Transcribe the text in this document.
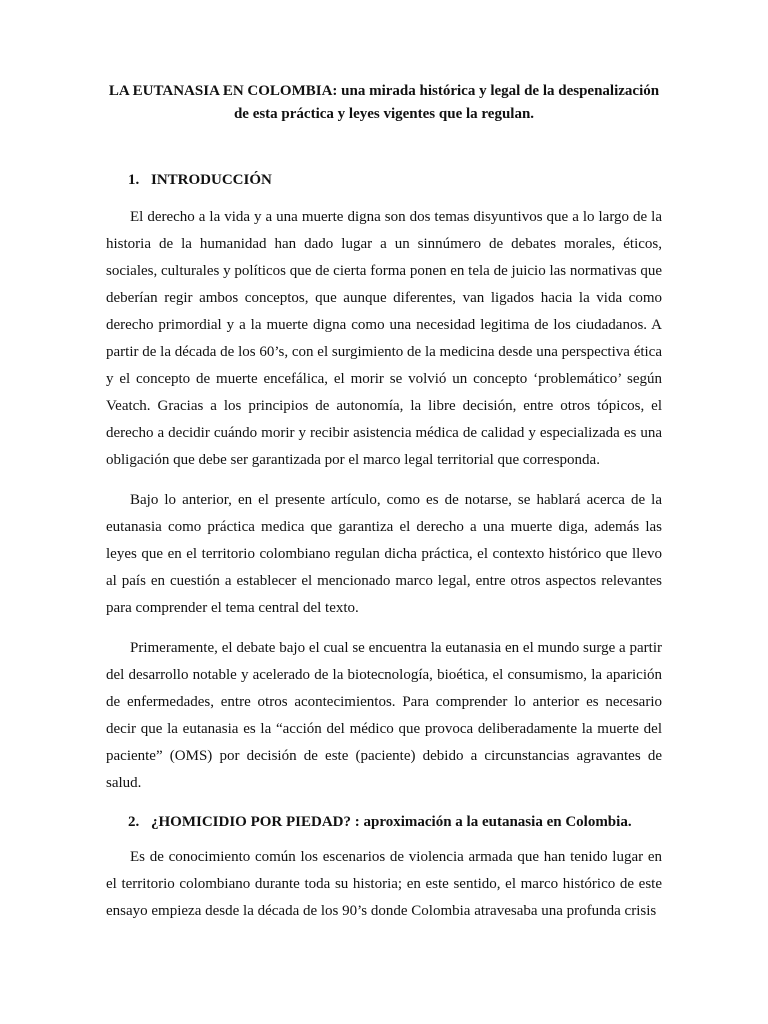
LA EUTANASIA EN COLOMBIA: una mirada histórica y legal de la despenalización de esta práctica y leyes vigentes que la regulan.

1. INTRODUCCIÓN

El derecho a la vida y a una muerte digna son dos temas disyuntivos que a lo largo de la historia de la humanidad han dado lugar a un sinnúmero de debates morales, éticos, sociales, culturales y políticos que de cierta forma ponen en tela de juicio las normativas que deberían regir ambos conceptos, que aunque diferentes, van ligados hacia la vida como derecho primordial y a la muerte digna como una necesidad legitima de los ciudadanos. A partir de la década de los 60’s, con el surgimiento de la medicina desde una perspectiva ética y el concepto de muerte encefálica, el morir se volvió un concepto ‘problemático’ según Veatch. Gracias a los principios de autonomía, la libre decisión, entre otros tópicos, el derecho a decidir cuándo morir y recibir asistencia médica de calidad y especializada es una obligación que debe ser garantizada por el marco legal territorial que corresponda.

Bajo lo anterior, en el presente artículo, como es de notarse, se hablará acerca de la eutanasia como práctica medica que garantiza el derecho a una muerte diga, además las leyes que en el territorio colombiano regulan dicha práctica, el contexto histórico que llevo al país en cuestión a establecer el mencionado marco legal, entre otros aspectos relevantes para comprender el tema central del texto.

Primeramente, el debate bajo el cual se encuentra la eutanasia en el mundo surge a partir del desarrollo notable y acelerado de la biotecnología, bioética, el consumismo, la aparición de enfermedades, entre otros acontecimientos. Para comprender lo anterior es necesario decir que la eutanasia es la “acción del médico que provoca deliberadamente la muerte del paciente” (OMS) por decisión de este (paciente) debido a circunstancias agravantes de salud.

2. ¿HOMICIDIO POR PIEDAD? : aproximación a la eutanasia en Colombia.

Es de conocimiento común los escenarios de violencia armada que han tenido lugar en el territorio colombiano durante toda su historia; en este sentido, el marco histórico de este ensayo empieza desde la década de los 90’s donde Colombia atravesaba una profunda crisis
